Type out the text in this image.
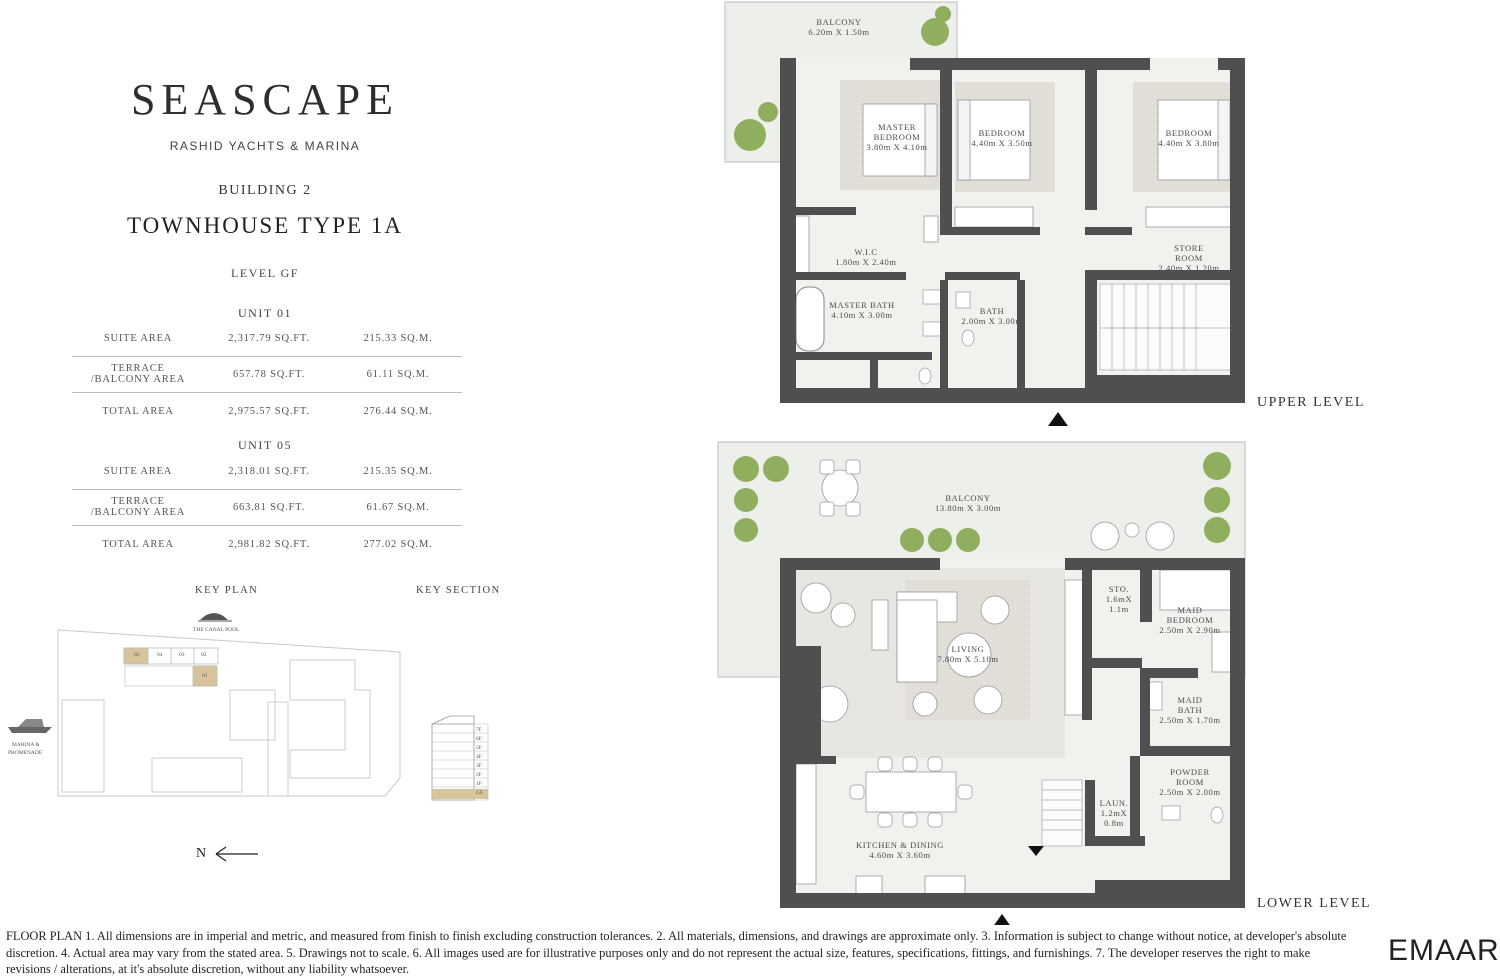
SEASCAPE
RASHID YACHTS & MARINA
BUILDING 2
TOWNHOUSE TYPE 1A
LEVEL GF
UNIT 01
SUITE AREA	2,317.79 SQ.FT.	215.33 SQ.M.
TERRACE /BALCONY AREA	657.78 SQ.FT.	61.11 SQ.M.
TOTAL AREA	2,975.57 SQ.FT.	276.44 SQ.M.
UNIT 05
SUITE AREA	2,318.01 SQ.FT.	215.35 SQ.M.
TERRACE /BALCONY AREA	663.81 SQ.FT.	61.67 SQ.M.
TOTAL AREA	2,981.82 SQ.FT.	277.02 SQ.M.
KEY PLAN	KEY SECTION
THE CANAL POOL
05	04	03	02
01
MARINA &
PROMENADE
7F
6F
5F
4F
3F
2F
1F
GF
N
BALCONY
6.20m X 1.50m
MASTER
BEDROOM
3.80m X 4.10m
BEDROOM
4.40m X 3.50m
BEDROOM
4.40m X 3.80m
W.I.C
1.80m X 2.40m
STORE
ROOM
2.40m X 1.20m
MASTER BATH
4.10m X 3.00m	BATH
2.00m X 3.00m
UPPER LEVEL
BALCONY
13.80m X 3.00m
STO.
1.6mX
1.1m	MAID
BEDROOM
2.50m X 2.90m
LIVING
7.80m X 5.10m
MAID
BATH
2.50m X 1.70m
POWDER
ROOM
2.50m X 2.00m
LAUN.
1.2mX
0.8m
KITCHEN & DINING
4.60m X 3.60m
LOWER LEVEL
FLOOR PLAN 1. All dimensions are in imperial and metric, and measured from finish to finish excluding construction tolerances. 2. All materials, dimensions, and drawings are approximate only. 3. Information is subject to change without notice, at developer's absolute discretion. 4. Actual area may vary from the stated area. 5. Drawings not to scale. 6. All images used are for illustrative purposes only and do not represent the actual size, features, specifications, fittings, and furnishings. 7. The developer reserves the right to make revisions / alterations, at it's absolute discretion, without any liability whatsoever.
EMAAR
